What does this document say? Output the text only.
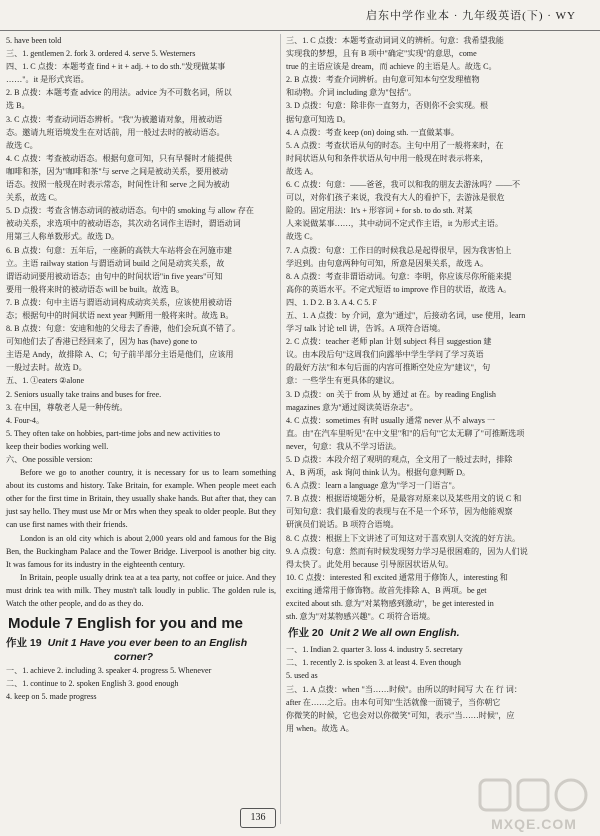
启东中学作业本 · 九年级英语(下) · WY
5. have been told
三、1. gentlemen 2. fork 3. ordered 4. serve 5. Westerners
四、1. C 点拨：本题考查 find + it + adj. + to do sth."发现做某事
……"。it 是形式宾语。
2. B 点拨：本题考查 advice 的用法。advice 为不可数名词，所以
选 B。
3. C 点拨：考查动词语态辨析。"我"为被邀请对象，用被动语
态。邀请九班语境发生在对话前，用一般过去时的被动语态。
故选 C。
4. C 点拨：考查被动语态。根据句意可知，只有早餐时才能提供
咖啡和茶，因为"咖啡和茶"与 serve 之间是被动关系，要用被动
语态。按照一般现在时表示常态，时间性计和 serve 之间为被动
关系，故选 C。
5. D 点拨：考查含情态动词的被动语态。句中的 smoking 与 allow 存在
被动关系，求选项中的被动语态，其次动名词作主语时，谓语动词
用第三人称单数形式。故选 D。
6. B 点拨：句意：五年后，一座新的高铁大车站将会在河施市建
立。主语 railway station 与谓语动词 build 之间是动宾关系，故
谓语动词要用被动语态；由句中的时间状语"in five years"可知
要用一般将来时的被动语态 will be built。故选 B。
7. B 点拨：句中主语与谓语动词构成动宾关系，应该使用被动语
态；根据句中的时间状语 next year 判断用一般将来时。故选 B。
8. B 点拨：句意：安迪和他的父母去了香港，他们会玩真不错了。
可知他们去了香港已经回来了，因为 has (have) gone to
主语是 Andy，故排除 A、C；句子前半部分主语是他们，应该用
一般过去时。故选 D。
五、1. ①eaters ②alone
2. Seniors usually take trains and buses for free.
3. 在中国，尊敬老人是一种传统。
4. Four-4。
5. They often take on hobbies, part-time jobs and new activities to
keep their bodies working well.
六、One possible version:
Before we go to another country, it is necessary for us to learn something about its customs and history. Take Britain, for example. When people meet each other for the first time in Britain, they usually shake hands. But after that, they can just say hello. They must use Mr or Mrs when they speak to older people. But they can use first names with their friends.
London is an old city which is about 2,000 years old and famous for the Big Ben, the Buckingham Palace and the Tower Bridge. Liverpool is another big city. It was famous for its industry in the eighteenth century.
In Britain, people usually drink tea at a tea party, not coffee or juice. And they must drink tea with milk. They mustn't talk loudly in public. The golden rule is, Watch the other people, and do as they do.
Module 7 English for you and me
作业 19 Unit 1 Have you ever been to an English
corner?
一、1. achieve 2. including 3. speaker 4. progress 5. Whenever
二、1. continue to 2. spoken English 3. good enough
4. keep on 5. made progress
三、1. C 点拨：本题考查动词词义的辨析。句意：我希望我能
实现我的梦想，且有 B 项中"确定"实现"的意思，come
true 的主语应该是 dream，而 achieve 的主语是人。故选 C。
2. B 点拨：考查介词辨析。由句意可知本句空发理植物
和动物。介词 including 意为"包括"。
3. D 点拨：句意：除非你一直努力，否则你不会实现。根
据句意可知选 D。
4. A 点拨：考查 keep (on) doing sth. 一直做某事。
5. A 点拨：考查状语从句的时态。主句中用了一般将来时，在
时间状语从句和条件状语从句中用一般现在时表示将来，
故选 A。
6. C 点拨：句意：——爸爸，我可以和我的朋友去游泳吗？——不
可以，对你们孩子来说，我没有大人的看护下，去游泳是很危
险的。固定用法：It's + 形容词 + for sb. to do sth. 对某
人来说做某事……，其中动词不定式作主语，it 为形式主语。
故选 C。
7. A 点拨：句意：工作日的时候我总是起得很早，因为我害怕上
学迟到。由句意两种句可知，所意是因果关系，故选 A。
8. A 点拨：考查非谓语动词。句意：李明，你应该尽你所能来提
高你的英语水平。不定式短语 to improve 作目的状语，故选 A。
四、1. D 2. B 3. A 4. C 5. F
五、1. A 点拨：by 介词，意为"通过"，后接动名词，use 使用，learn
学习 talk 讨论 tell 讲，告诉。A 项符合语境。
2. C 点拨：teacher 老师 plan 计划 subject 科目 suggestion 建
议。由本段后句"这周我们向露举中学生学问了学习英语
的最好方法"和本句后面的内容可推断空处应为"建议"，句
意：一些学生有更具体的建议。
3. D 点拨：on 关于 from 从 by 通过 at 在。by reading English
magazines 意为"通过阅读英语杂志"。
4. C 点拨：sometimes 有时 usually 通常 never 从不 always 一
直。由"在汽车里听见"在中文里"和"的后句"它太无聊了"可推断选项
never，句意：我从不学习语法。
5. D 点拨：本段介绍了观明的观点，全文用了一般过去时，排除
A、B 两项，ask 询问 think 认为。根据句意判断 D。
6. A 点拨：learn a language 意为"学习一门语言"。
7. B 点拨：根据语境题分析，是最容对原来以及某些用文的说 C 和
可知句意：我们最看发的表现与在不是一个环节，因为他能观察
研演员们说话。B 项符合语境。
8. C 点拨：根据上下文讲述了可知这对于喜欢别人交流的好方法。
9. A 点拨：句意：然而有时候发现努力学习是很困难的，因为人们说
得太快了。此处用 because 引导原因状语从句。
10. C 点拨：interested 和 excited 通常用于修饰人，interesting 和
exciting 通常用于修饰物。故首先排除 A、B 两项。be get
excited about sth. 意为"对某物感到激动"，be get interested in
sth. 意为"对某物感兴趣"。C 项符合语境。
作业 20 Unit 2 We all own English.
一、1. Indian 2. quarter 3. loss 4. industry 5. secretary
二、1. recently 2. is spoken 3. at least 4. Even though
5. used as
三、1. A 点拨：when "当……时候"。由所以的时间写 大 在 行 词：
after 在……之后。由本句可知"生活就像一面镜子，当你朝它
你微笑的时候，它也会对以你微笑"可知，表示"当……时候"，应
用 when。故选 A。
136	MXQE.COM
